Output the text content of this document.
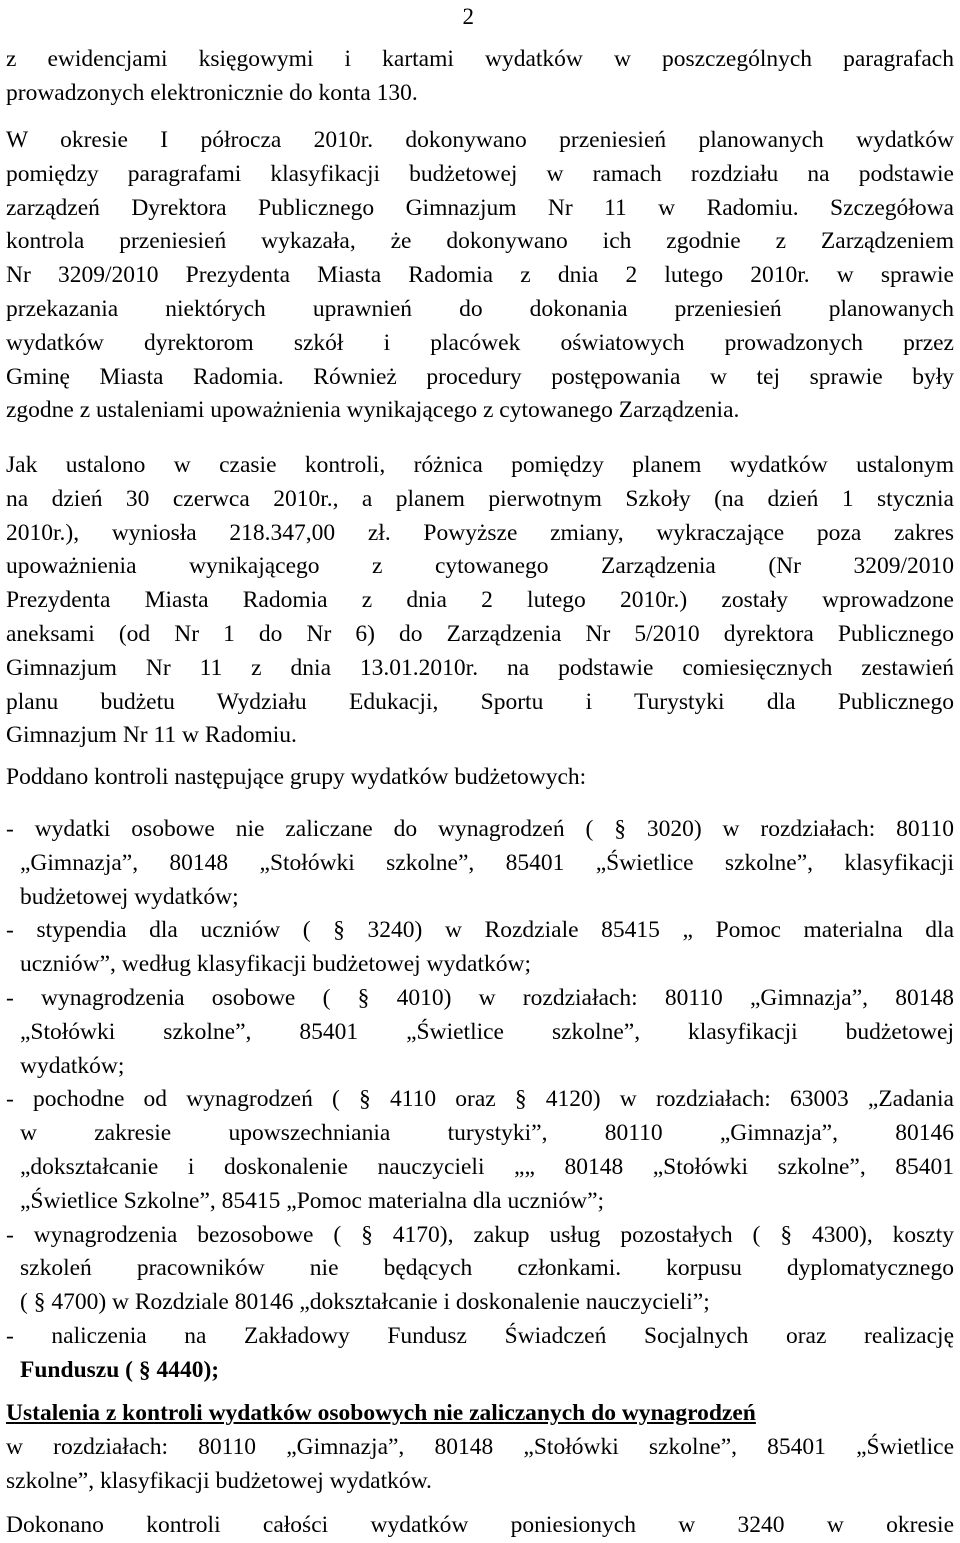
2
z ewidencjami księgowymi i kartami wydatków w poszczególnych paragrafach
prowadzonych elektronicznie do konta 130.
W okresie I półrocza 2010r. dokonywano przeniesień planowanych wydatków
pomiędzy paragrafami klasyfikacji budżetowej w ramach rozdziału na podstawie
zarządzeń Dyrektora Publicznego Gimnazjum Nr 11 w Radomiu. Szczegółowa
kontrola przeniesień wykazała, że dokonywano ich zgodnie z Zarządzeniem
Nr 3209/2010 Prezydenta Miasta Radomia z dnia 2 lutego 2010r. w sprawie
przekazania niektórych uprawnień do dokonania przeniesień planowanych
wydatków dyrektorom szkół i placówek oświatowych prowadzonych przez
Gminę Miasta Radomia. Również procedury postępowania w tej sprawie były
zgodne z ustaleniami upoważnienia wynikającego z cytowanego Zarządzenia.
Jak ustalono w czasie kontroli, różnica pomiędzy planem wydatków ustalonym
na dzień 30 czerwca 2010r., a planem pierwotnym Szkoły (na dzień 1 stycznia
2010r.), wyniosła 218.347,00 zł. Powyższe zmiany, wykraczające poza zakres
upoważnienia wynikającego z cytowanego Zarządzenia (Nr 3209/2010
Prezydenta Miasta Radomia z dnia 2 lutego 2010r.) zostały wprowadzone
aneksami (od Nr 1 do Nr 6) do Zarządzenia Nr 5/2010 dyrektora Publicznego
Gimnazjum Nr 11 z dnia 13.01.2010r. na podstawie comiesięcznych zestawień
planu budżetu Wydziału Edukacji, Sportu i Turystyki dla Publicznego
Gimnazjum Nr 11 w Radomiu.
Poddano kontroli następujące grupy wydatków budżetowych:
- wydatki osobowe nie zaliczane do wynagrodzeń ( § 3020) w rozdziałach: 80110
„Gimnazja”, 80148 „Stołówki szkolne”, 85401 „Świetlice szkolne”, klasyfikacji
budżetowej wydatków;
- stypendia dla uczniów ( § 3240) w Rozdziale 85415 „ Pomoc materialna dla
uczniów”, według klasyfikacji budżetowej wydatków;
- wynagrodzenia osobowe ( § 4010) w rozdziałach: 80110 „Gimnazja”, 80148
„Stołówki szkolne”, 85401 „Świetlice szkolne”, klasyfikacji budżetowej
wydatków;
- pochodne od wynagrodzeń ( § 4110 oraz § 4120) w rozdziałach: 63003 „Zadania
w zakresie upowszechniania turystyki”, 80110 „Gimnazja”, 80146
„dokształcanie i doskonalenie nauczycieli „„ 80148 „Stołówki szkolne”, 85401
„Świetlice Szkolne”, 85415 „Pomoc materialna dla uczniów”;
- wynagrodzenia bezosobowe ( § 4170), zakup usług pozostałych ( § 4300), koszty
szkoleń pracowników nie będących członkami. korpusu dyplomatycznego
( § 4700) w Rozdziale 80146 „dokształcanie i doskonalenie nauczycieli”;
- naliczenia na Zakładowy Fundusz Świadczeń Socjalnych oraz realizację
Funduszu ( § 4440);
Ustalenia z kontroli wydatków osobowych nie zaliczanych do wynagrodzeń
w rozdziałach: 80110 „Gimnazja”, 80148 „Stołówki szkolne”, 85401 „Świetlice
szkolne”, klasyfikacji budżetowej wydatków.
Dokonano kontroli całości wydatków poniesionych w 3240 w okresie
